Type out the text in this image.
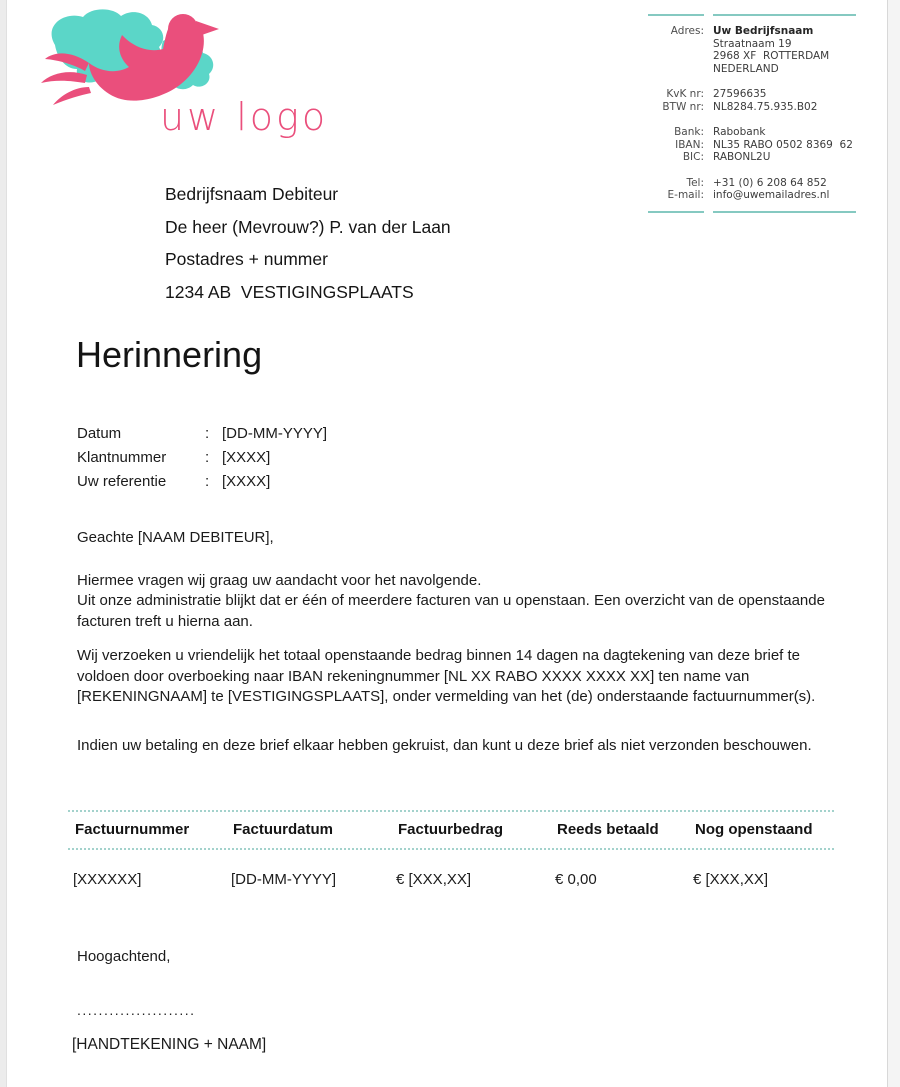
uw logo
Adres: Uw Bedrijfsnaam
Straatnaam 19
2968 XF  ROTTERDAM
NEDERLAND
KvK nr: 27596635
BTW nr: NL8284.75.935.B02
Bank: Rabobank
IBAN: NL35 RABO 0502 8369  62
BIC: RABONL2U
Tel: +31 (0) 6 208 64 852
E-mail: info@uwemailadres.nl
Bedrijfsnaam Debiteur
De heer (Mevrouw?) P. van der Laan
Postadres + nummer
1234 AB  VESTIGINGSPLAATS
Herinnering
Datum	: [DD-MM-YYYY]
Klantnummer	: [XXXX]
Uw referentie	: [XXXX]

Geachte [NAAM DEBITEUR],

Hiermee vragen wij graag uw aandacht voor het navolgende.
Uit onze administratie blijkt dat er één of meerdere facturen van u openstaan. Een overzicht van de openstaande facturen treft u hierna aan.

Wij verzoeken u vriendelijk het totaal openstaande bedrag binnen 14 dagen na dagtekening van deze brief te voldoen door overboeking naar IBAN rekeningnummer [NL XX RABO XXXX XXXX XX] ten name van [REKENINGNAAM] te [VESTIGINGSPLAATS], onder vermelding van het (de) onderstaande factuurnummer(s).

Indien uw betaling en deze brief elkaar hebben gekruist, dan kunt u deze brief als niet verzonden beschouwen.

Factuurnummer	Factuurdatum	Factuurbedrag	Reeds betaald	Nog openstaand
[XXXXXX]	[DD-MM-YYYY]	€ [XXX,XX]	€ 0,00	€ [XXX,XX]
Hoogachtend,
......................
[HANDTEKENING + NAAM]
